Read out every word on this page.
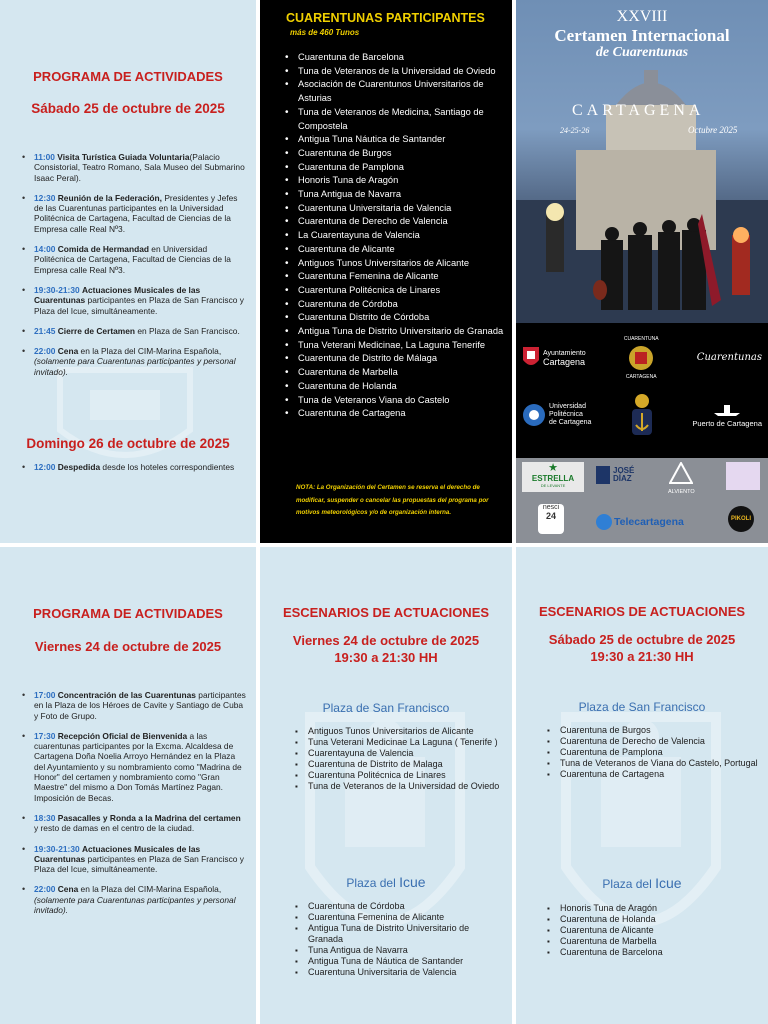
PROGRAMA DE ACTIVIDADES
Sábado 25 de octubre de 2025
• 11:00 Visita Turística Guiada Voluntaria(Palacio Consistorial, Teatro Romano, Sala Museo del Submarino Isaac Peral).
• 12:30 Reunión de la Federación, Presidentes y Jefes de las Cuarentunas participantes en la Universidad Politécnica de Cartagena, Facultad de Ciencias de la Empresa calle Real Nº3.
• 14:00 Comida de Hermandad en Universidad Politécnica de Cartagena, Facultad de Ciencias de la Empresa calle Real Nº3.
• 19:30-21:30 Actuaciones Musicales de las Cuarentunas participantes en Plaza de San Francisco y Plaza del Icue, simultáneamente.
• 21:45 Cierre de Certamen en Plaza de San Francisco.
• 22:00 Cena en la Plaza del CIM-Marina Española, (solamente para Cuarentunas participantes y personal invitado).
Domingo 26 de octubre de 2025
• 12:00 Despedida desde los hoteles correspondientes
CUARENTUNAS PARTICIPANTES
más de 460 Tunos
• Cuarentuna de Barcelona
• Tuna de Veteranos de la Universidad de Oviedo
• Asociación de Cuarentunos Universitarios de Asturias
• Tuna de Veteranos de Medicina, Santiago de Compostela
• Antigua Tuna Náutica de Santander
• Cuarentuna de Burgos
• Cuarentuna de Pamplona
• Honoris Tuna de Aragón
• Tuna Antigua de Navarra
• Cuarentuna Universitaria de Valencia
• Cuarentuna de Derecho de Valencia
• La Cuarentayuna de Valencia
• Cuarentuna de Alicante
• Antiguos Tunos Universitarios de Alicante
• Cuarentuna Femenina de Alicante
• Cuarentuna Politécnica de Linares
• Cuarentuna de Córdoba
• Cuarentuna Distrito de Córdoba
• Antigua Tuna de Distrito Universitario de Granada
• Tuna Veterani Medicinae, La Laguna Tenerife
• Cuarentuna de Distrito de Málaga
• Cuarentuna de Marbella
• Cuarentuna de Holanda
• Tuna de Veteranos Viana do Castelo
• Cuarentuna de Cartagena
NOTA: La Organización del Certamen se reserva el derecho de modificar, suspender o cancelar las propuestas del programa por motivos meteorológicos y/o de organización interna.
XXVIII
Certamen Internacional
de Cuarentunas
CARTAGENA
24-25-26	Octubre 2025
Ayuntamiento
Cartagena
CUARENTUNA
CARTAGENA
Cuarentunas
Universidad
Politécnica
de Cartagena	Puerto de Cartagena
★
ESTRELLA
DE LEVANTE
JOSÉ
DÍAZ
ALVIENTO
nesci
24	Telecartagena	PIKOLI
PROGRAMA DE ACTIVIDADES
Viernes 24 de octubre de 2025
• 17:00 Concentración de las Cuarentunas participantes en la Plaza de los Héroes de Cavite y Santiago de Cuba y Foto de Grupo.
• 17:30 Recepción Oficial de Bienvenida a las cuarentunas participantes por la Excma. Alcaldesa de Cartagena Doña Noelia Arroyo Hernández en la Plaza del Ayuntamiento y su nombramiento como "Madrina de Honor" del certamen y nombramiento como "Gran Maestre" del mismo a Don Tomás Martínez Pagan. Imposición de Becas.
• 18:30 Pasacalles y Ronda a la Madrina del certamen y resto de damas en el centro de la ciudad.
• 19:30-21:30 Actuaciones Musicales de las Cuarentunas participantes en Plaza de San Francisco y Plaza del Icue, simultáneamente.
• 22:00 Cena en la Plaza del CIM-Marina Española, (solamente para Cuarentunas participantes y personal invitado).
ESCENARIOS DE ACTUACIONES
Viernes 24 de octubre de 2025
19:30 a 21:30 HH
Plaza de San Francisco
▪ Antiguos Tunos Universitarios de Alicante
▪ Tuna Veterani Medicinae La Laguna ( Tenerife )
▪ Cuarentayuna de Valencia
▪ Cuarentuna de Distrito de Malaga
▪ Cuarentuna Politécnica de Linares
▪ Tuna de Veteranos de la Universidad de Oviedo
Plaza del Icue
▪ Cuarentuna de Córdoba
▪ Cuarentuna Femenina de Alicante
▪ Antigua Tuna de Distrito Universitario de Granada
▪ Tuna Antigua de Navarra
▪ Antigua Tuna de Náutica de Santander
▪ Cuarentuna Universitaria de Valencia
ESCENARIOS DE ACTUACIONES
Sábado 25 de octubre de 2025
19:30 a 21:30 HH
Plaza de San Francisco
▪ Cuarentuna de Burgos
▪ Cuarentuna de Derecho de Valencia
▪ Cuarentuna de Pamplona
▪ Tuna de Veteranos de Viana do Castelo, Portugal
▪ Cuarentuna de Cartagena
Plaza del Icue
▪ Honoris Tuna de Aragón
▪ Cuarentuna de Holanda
▪ Cuarentuna de Alicante
▪ Cuarentuna de Marbella
▪ Cuarentuna de Barcelona
